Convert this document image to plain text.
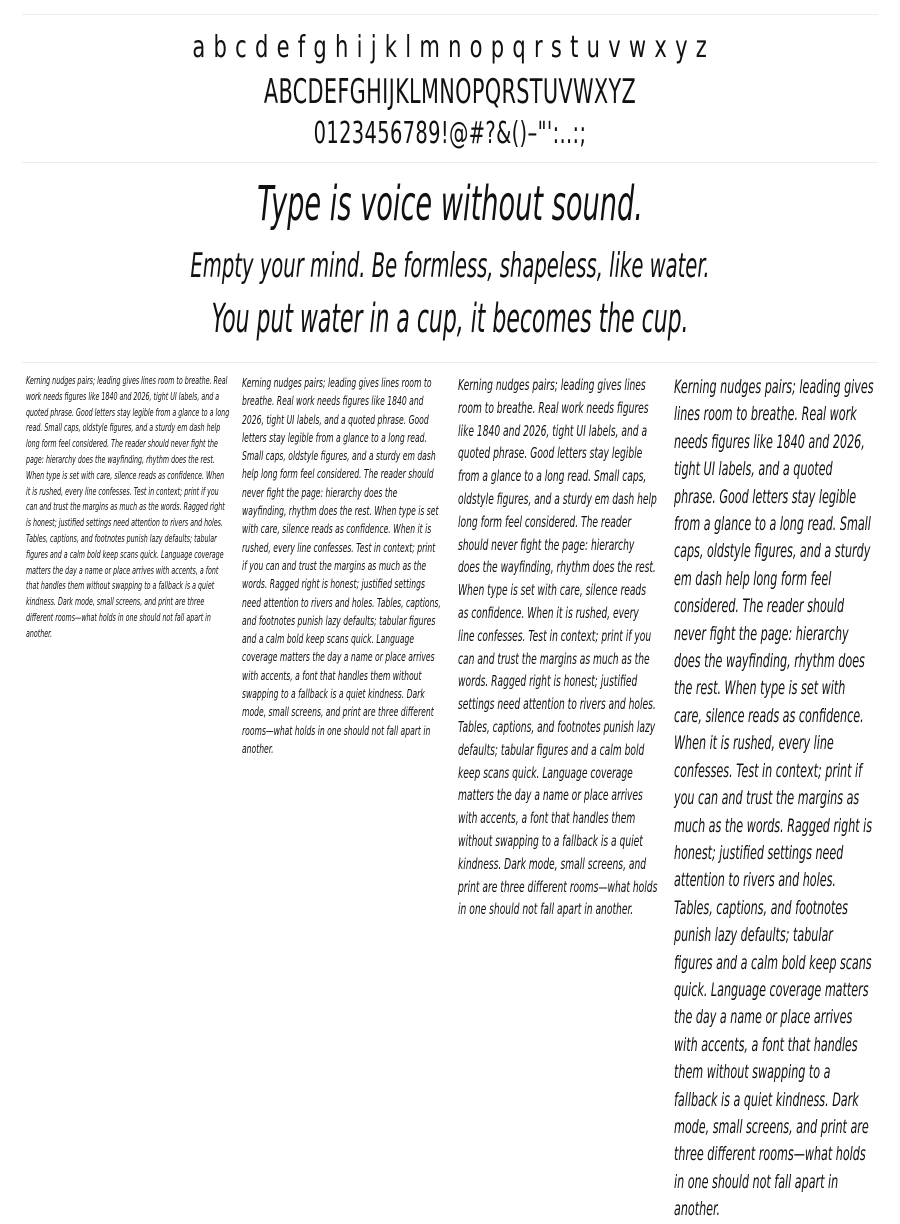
a b c d e f g h i j k l m n o p q r s t u v w x y z
ABCDEFGHIJKLMNOPQRSTUVWXYZ
0123456789!@#?&()–"':..:;
Type is voice without sound.
Empty your mind. Be formless, shapeless, like water.
You put water in a cup, it becomes the cup.

Kerning nudges pairs; leading gives lines room to breathe. Real work needs figures like 1840 and 2026, tight UI labels, and a quoted phrase. Good letters stay legible from a glance to a long read. Small caps, oldstyle figures, and a sturdy em dash help long form feel considered. The reader should never fight the page: hierarchy does the wayfinding, rhythm does the rest. When type is set with care, silence reads as confidence. When it is rushed, every line confesses. Test in context; print if you can and trust the margins as much as the words. Ragged right is honest; justified settings need attention to rivers and holes. Tables, captions, and footnotes punish lazy defaults; tabular figures and a calm bold keep scans quick. Language coverage matters the day a name or place arrives with accents, a font that handles them without swapping to a fallback is a quiet kindness. Dark mode, small screens, and print are three different rooms—what holds in one should not fall apart in another.

Kerning nudges pairs; leading gives lines room to breathe. Real work needs figures like 1840 and 2026, tight UI labels, and a quoted phrase. Good letters stay legible from a glance to a long read. Small caps, oldstyle figures, and a sturdy em dash help long form feel considered. The reader should never fight the page: hierarchy does the wayfinding, rhythm does the rest. When type is set with care, silence reads as confidence. When it is rushed, every line confesses. Test in context; print if you can and trust the margins as much as the words. Ragged right is honest; justified settings need attention to rivers and holes. Tables, captions, and footnotes punish lazy defaults; tabular figures and a calm bold keep scans quick. Language coverage matters the day a name or place arrives with accents, a font that handles them without swapping to a fallback is a quiet kindness. Dark mode, small screens, and print are three different rooms—what holds in one should not fall apart in another.

Kerning nudges pairs; leading gives lines room to breathe. Real work needs figures like 1840 and 2026, tight UI labels, and a quoted phrase. Good letters stay legible from a glance to a long read. Small caps, oldstyle figures, and a sturdy em dash help long form feel considered. The reader should never fight the page: hierarchy does the wayfinding, rhythm does the rest. When type is set with care, silence reads as confidence. When it is rushed, every line confesses. Test in context; print if you can and trust the margins as much as the words. Ragged right is honest; justified settings need attention to rivers and holes. Tables, captions, and footnotes punish lazy defaults; tabular figures and a calm bold keep scans quick. Language coverage matters the day a name or place arrives with accents, a font that handles them without swapping to a fallback is a quiet kindness. Dark mode, small screens, and print are three different rooms—what holds in one should not fall apart in another.

Kerning nudges pairs; leading gives lines room to breathe. Real work needs figures like 1840 and 2026, tight UI labels, and a quoted phrase. Good letters stay legible from a glance to a long read. Small caps, oldstyle figures, and a sturdy em dash help long form feel considered. The reader should never fight the page: hierarchy does the wayfinding, rhythm does the rest. When type is set with care, silence reads as confidence. When it is rushed, every line confesses. Test in context; print if you can and trust the margins as much as the words. Ragged right is honest; justified settings need attention to rivers and holes. Tables, captions, and footnotes punish lazy defaults; tabular figures and a calm bold keep scans quick. Language coverage matters the day a name or place arrives with accents, a font that handles them without swapping to a fallback is a quiet kindness. Dark mode, small screens, and print are three different rooms—what holds in one should not fall apart in another.
